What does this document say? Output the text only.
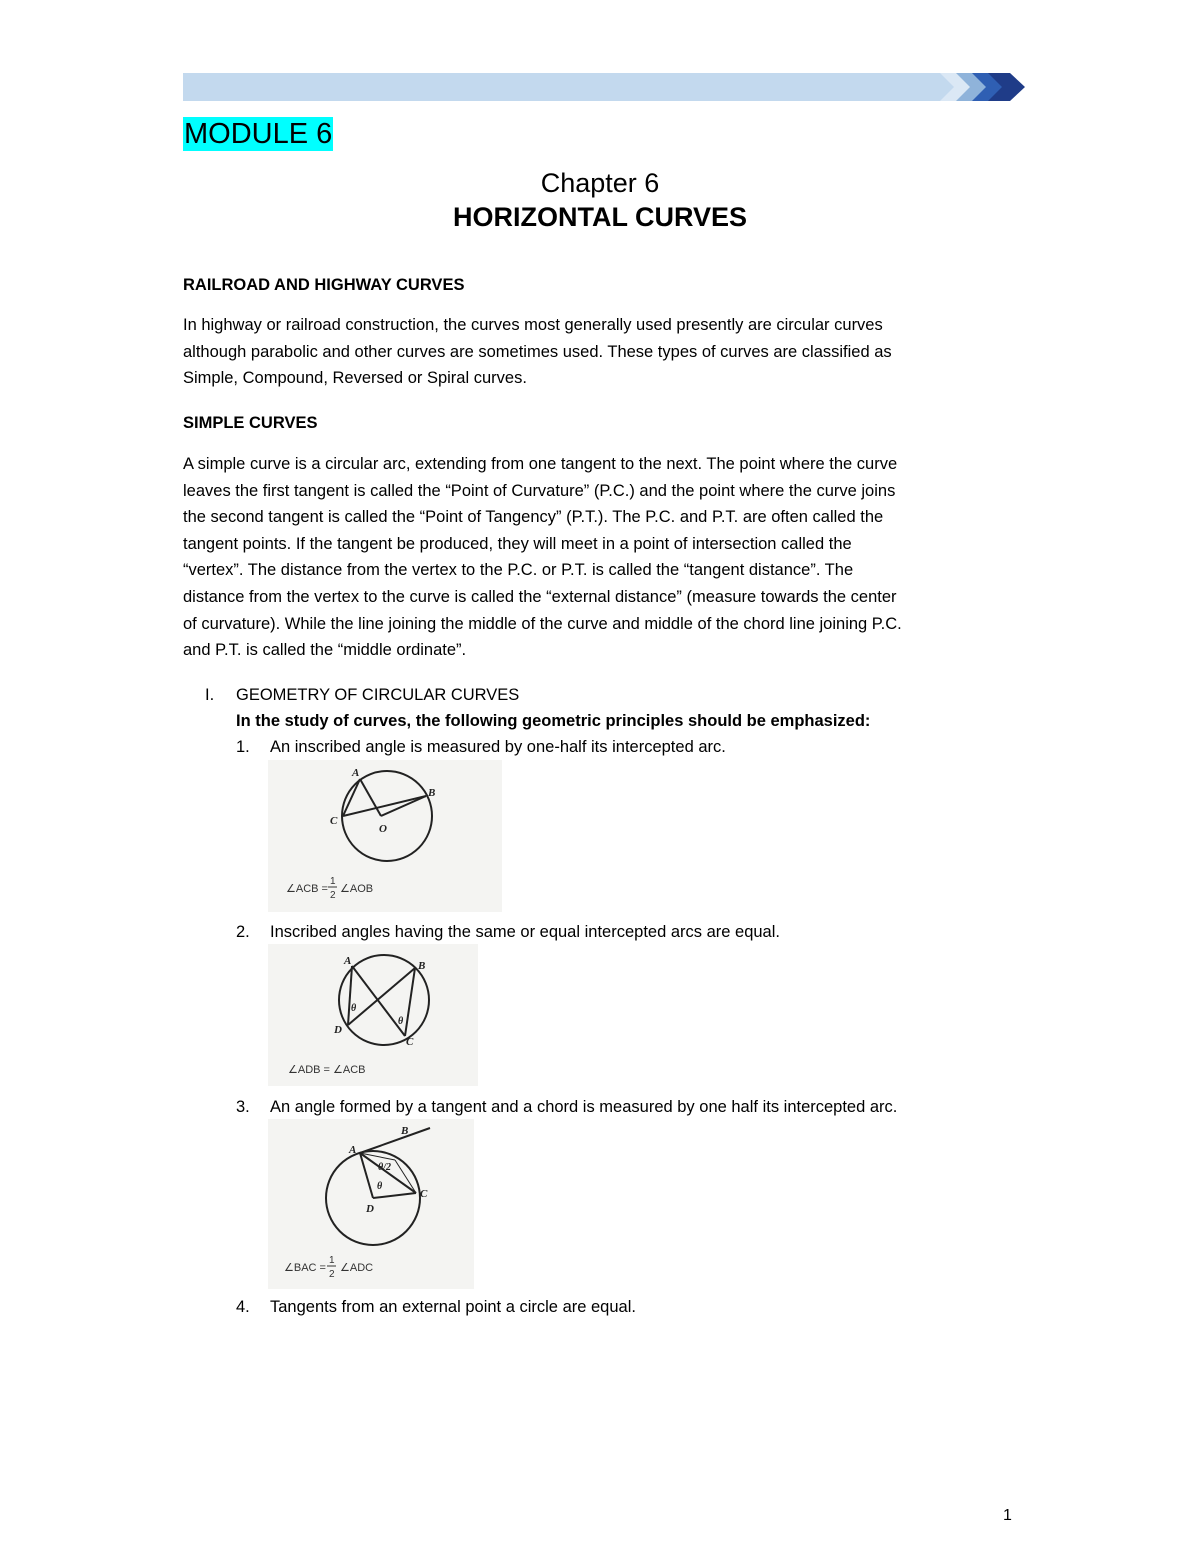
MODULE 6
Chapter 6
HORIZONTAL CURVES
RAILROAD AND HIGHWAY CURVES
In highway or railroad construction, the curves most generally used presently are circular curves
although parabolic and other curves are sometimes used. These types of curves are classified as
Simple, Compound, Reversed or Spiral curves.
SIMPLE CURVES
A simple curve is a circular arc, extending from one tangent to the next. The point where the curve
leaves the first tangent is called the “Point of Curvature” (P.C.) and the point where the curve joins
the second tangent is called the “Point of Tangency” (P.T.). The P.C. and P.T. are often called the
tangent points. If the tangent be produced, they will meet in a point of intersection called the
“vertex”. The distance from the vertex to the P.C. or P.T. is called the “tangent distance”. The
distance from the vertex to the curve is called the “external distance” (measure towards the center
of curvature). While the line joining the middle of the curve and middle of the chord line joining P.C.
and P.T. is called the “middle ordinate”.
I. GEOMETRY OF CIRCULAR CURVES
In the study of curves, the following geometric principles should be emphasized:
1. An inscribed angle is measured by one-half its intercepted arc.
A
B
C
O
∠ACB =
1
2
∠AOB
2. Inscribed angles having the same or equal intercepted arcs are equal.
A	B
D
C
θ
θ
∠ADB = ∠ACB
3. An angle formed by a tangent and a chord is measured by one half its intercepted arc.
A
B
C
D
θ/2
θ
∠BAC =
1
2
∠ADC
4. Tangents from an external point a circle are equal.
1
